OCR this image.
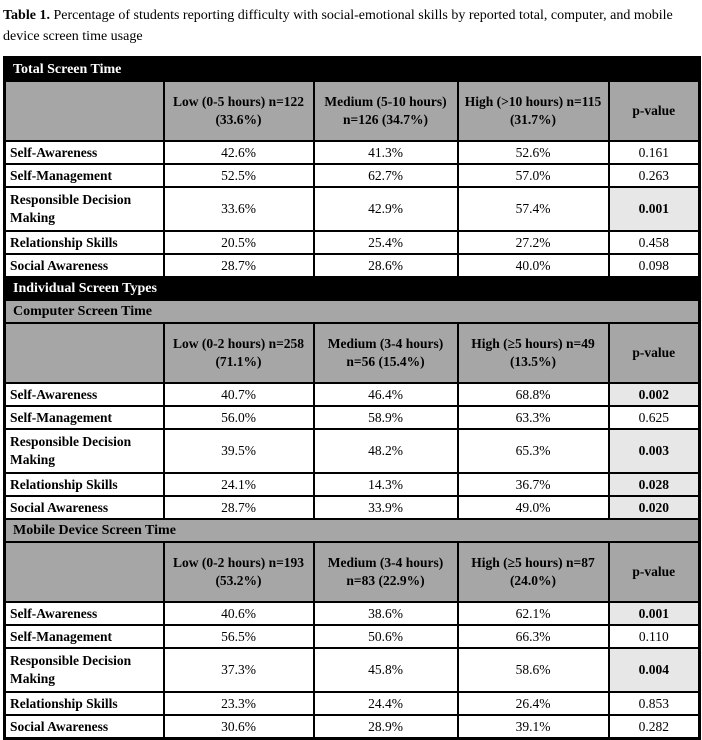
Table 1. Percentage of students reporting difficulty with social-emotional skills by reported total, computer, and mobile device screen time usage

Total Screen Time				
	Low (0-5 hours) n=122 (33.6%)	Medium (5-10 hours) n=126 (34.7%)	High (>10 hours) n=115 (31.7%)	p-value
Self-Awareness	42.6%	41.3%	52.6%	0.161
Self-Management	52.5%	62.7%	57.0%	0.263
Responsible Decision Making	33.6%	42.9%	57.4%	0.001
Relationship Skills	20.5%	25.4%	27.2%	0.458
Social Awareness	28.7%	28.6%	40.0%	0.098
Individual Screen Types				
Computer Screen Time				
	Low (0-2 hours) n=258 (71.1%)	Medium (3-4 hours) n=56 (15.4%)	High (≥5 hours) n=49 (13.5%)	p-value
Self-Awareness	40.7%	46.4%	68.8%	0.002
Self-Management	56.0%	58.9%	63.3%	0.625
Responsible Decision Making	39.5%	48.2%	65.3%	0.003
Relationship Skills	24.1%	14.3%	36.7%	0.028
Social Awareness	28.7%	33.9%	49.0%	0.020
Mobile Device Screen Time				
	Low (0-2 hours) n=193 (53.2%)	Medium (3-4 hours) n=83 (22.9%)	High (≥5 hours) n=87 (24.0%)	p-value
Self-Awareness	40.6%	38.6%	62.1%	0.001
Self-Management	56.5%	50.6%	66.3%	0.110
Responsible Decision Making	37.3%	45.8%	58.6%	0.004
Relationship Skills	23.3%	24.4%	26.4%	0.853
Social Awareness	30.6%	28.9%	39.1%	0.282
